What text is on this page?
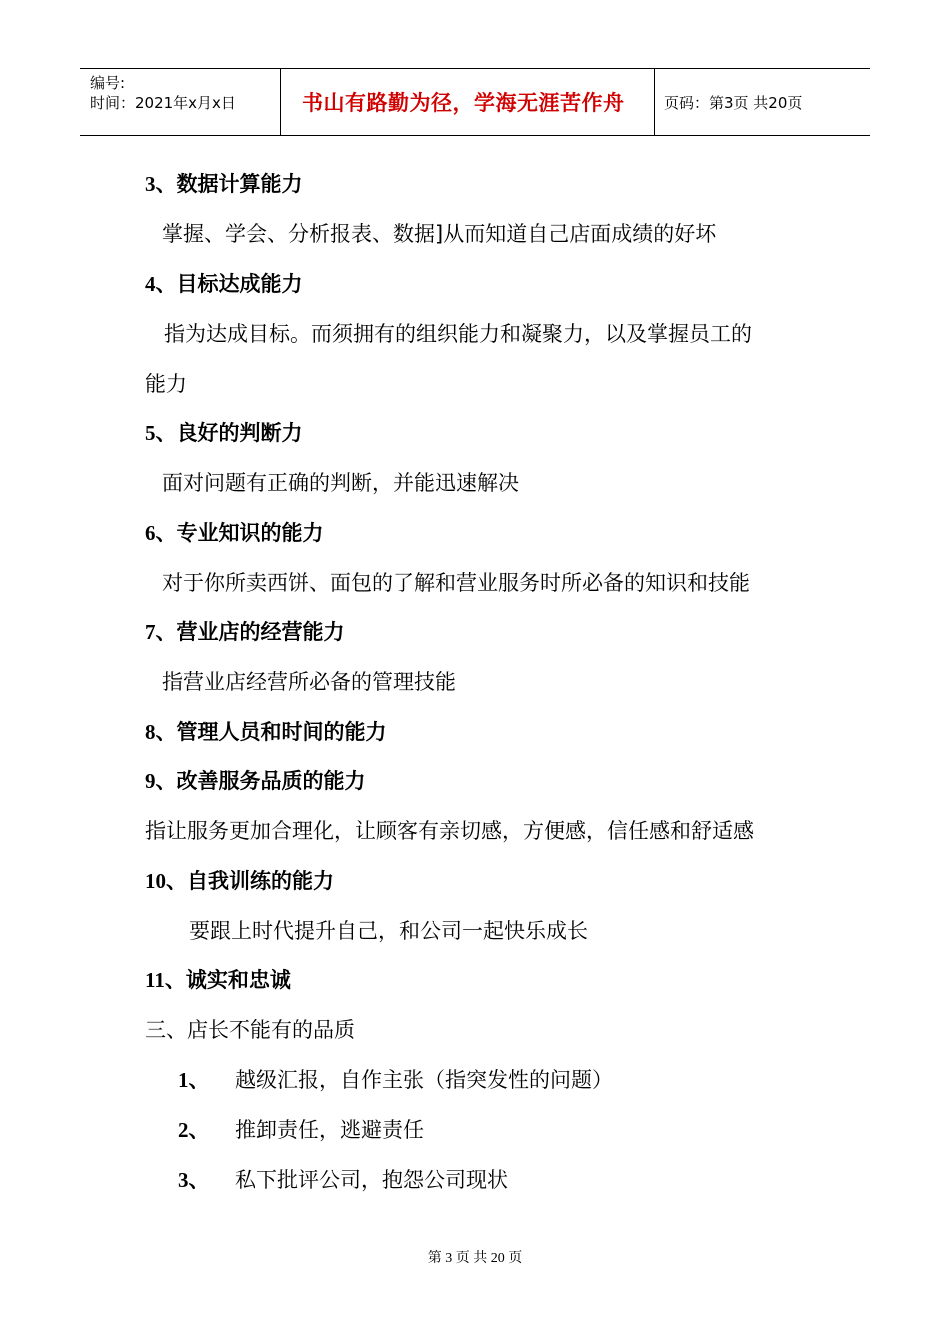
编号:
时间：2021年x月x日	书山有路勤为径，学海无涯苦作舟	页码：第3页 共20页
3、数据计算能力
掌握、学会、分析报表、数据]从而知道自己店面成绩的好坏
4、目标达成能力
指为达成目标。而须拥有的组织能力和凝聚力，以及掌握员工的
能力
5、良好的判断力
面对问题有正确的判断，并能迅速解决
6、专业知识的能力
对于你所卖西饼、面包的了解和营业服务时所必备的知识和技能
7、营业店的经营能力
指营业店经营所必备的管理技能
8、管理人员和时间的能力
9、改善服务品质的能力
指让服务更加合理化，让顾客有亲切感，方便感，信任感和舒适感
10、自我训练的能力
要跟上时代提升自己，和公司一起快乐成长
11、诚实和忠诚
三、店长不能有的品质
1、 越级汇报，自作主张（指突发性的问题）
2、 推卸责任，逃避责任
3、 私下批评公司，抱怨公司现状
第 3 页 共 20 页
